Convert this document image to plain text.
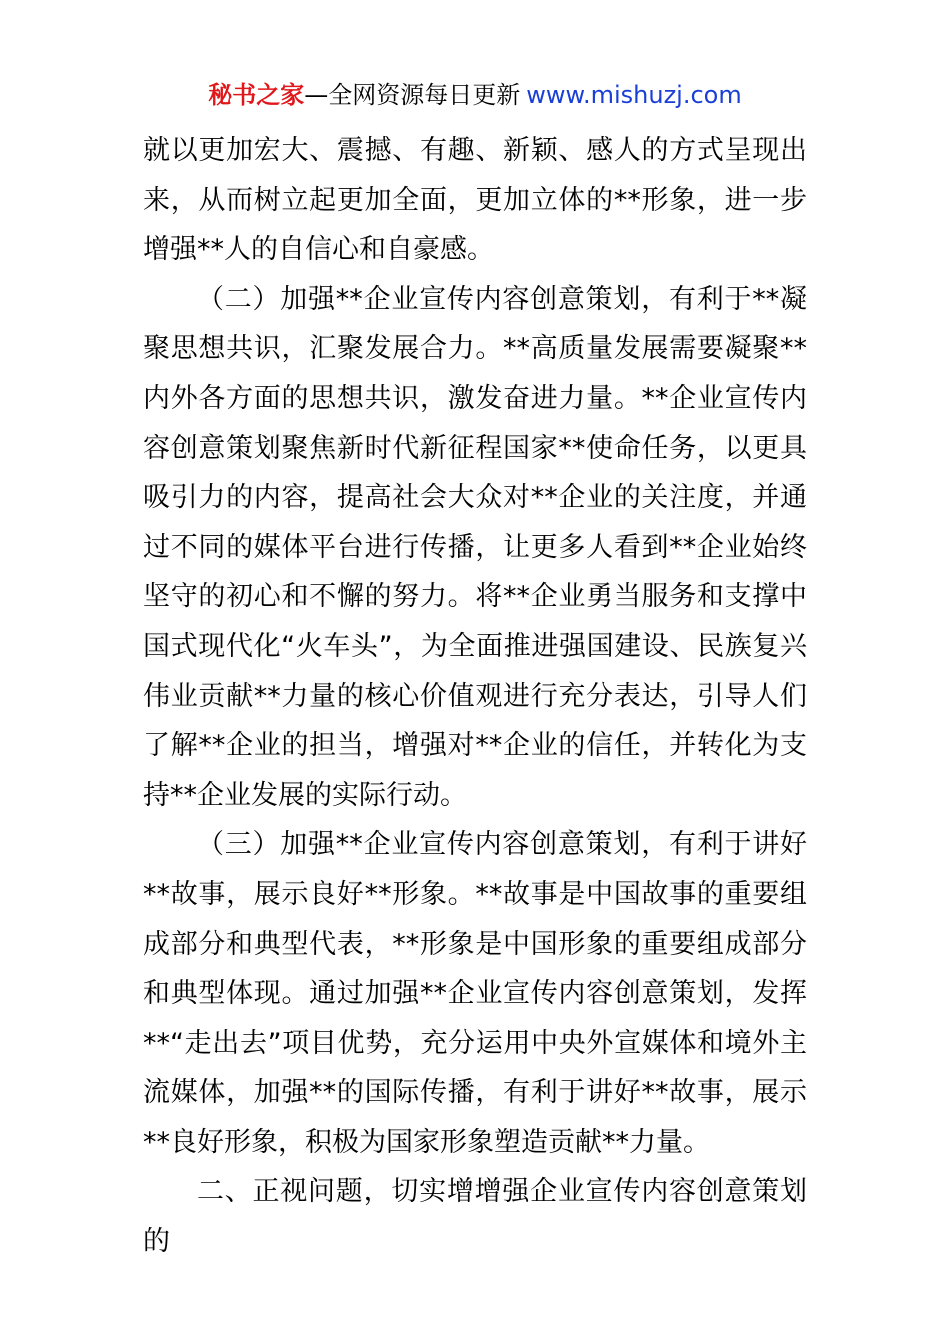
秘书之家—全网资源每日更新 www.mishuzj.com

就以更加宏大、震撼、有趣、新颖、感人的方式呈现出来，从而树立起更加全面，更加立体的**形象，进一步增强**人的自信心和自豪感。

（二）加强**企业宣传内容创意策划，有利于**凝聚思想共识，汇聚发展合力。**高质量发展需要凝聚**内外各方面的思想共识，激发奋进力量。**企业宣传内容创意策划聚焦新时代新征程国家**使命任务，以更具吸引力的内容，提高社会大众对**企业的关注度，并通过不同的媒体平台进行传播，让更多人看到**企业始终坚守的初心和不懈的努力。将**企业勇当服务和支撑中国式现代化“火车头”，为全面推进强国建设、民族复兴伟业贡献**力量的核心价值观进行充分表达，引导人们了解**企业的担当，增强对**企业的信任，并转化为支持**企业发展的实际行动。

（三）加强**企业宣传内容创意策划，有利于讲好**故事，展示良好**形象。**故事是中国故事的重要组成部分和典型代表，**形象是中国形象的重要组成部分和典型体现。通过加强**企业宣传内容创意策划，发挥**“走出去”项目优势，充分运用中央外宣媒体和境外主流媒体，加强**的国际传播，有利于讲好**故事，展示**良好形象，积极为国家形象塑造贡献**力量。

二、正视问题，切实增增强企业宣传内容创意策划的
